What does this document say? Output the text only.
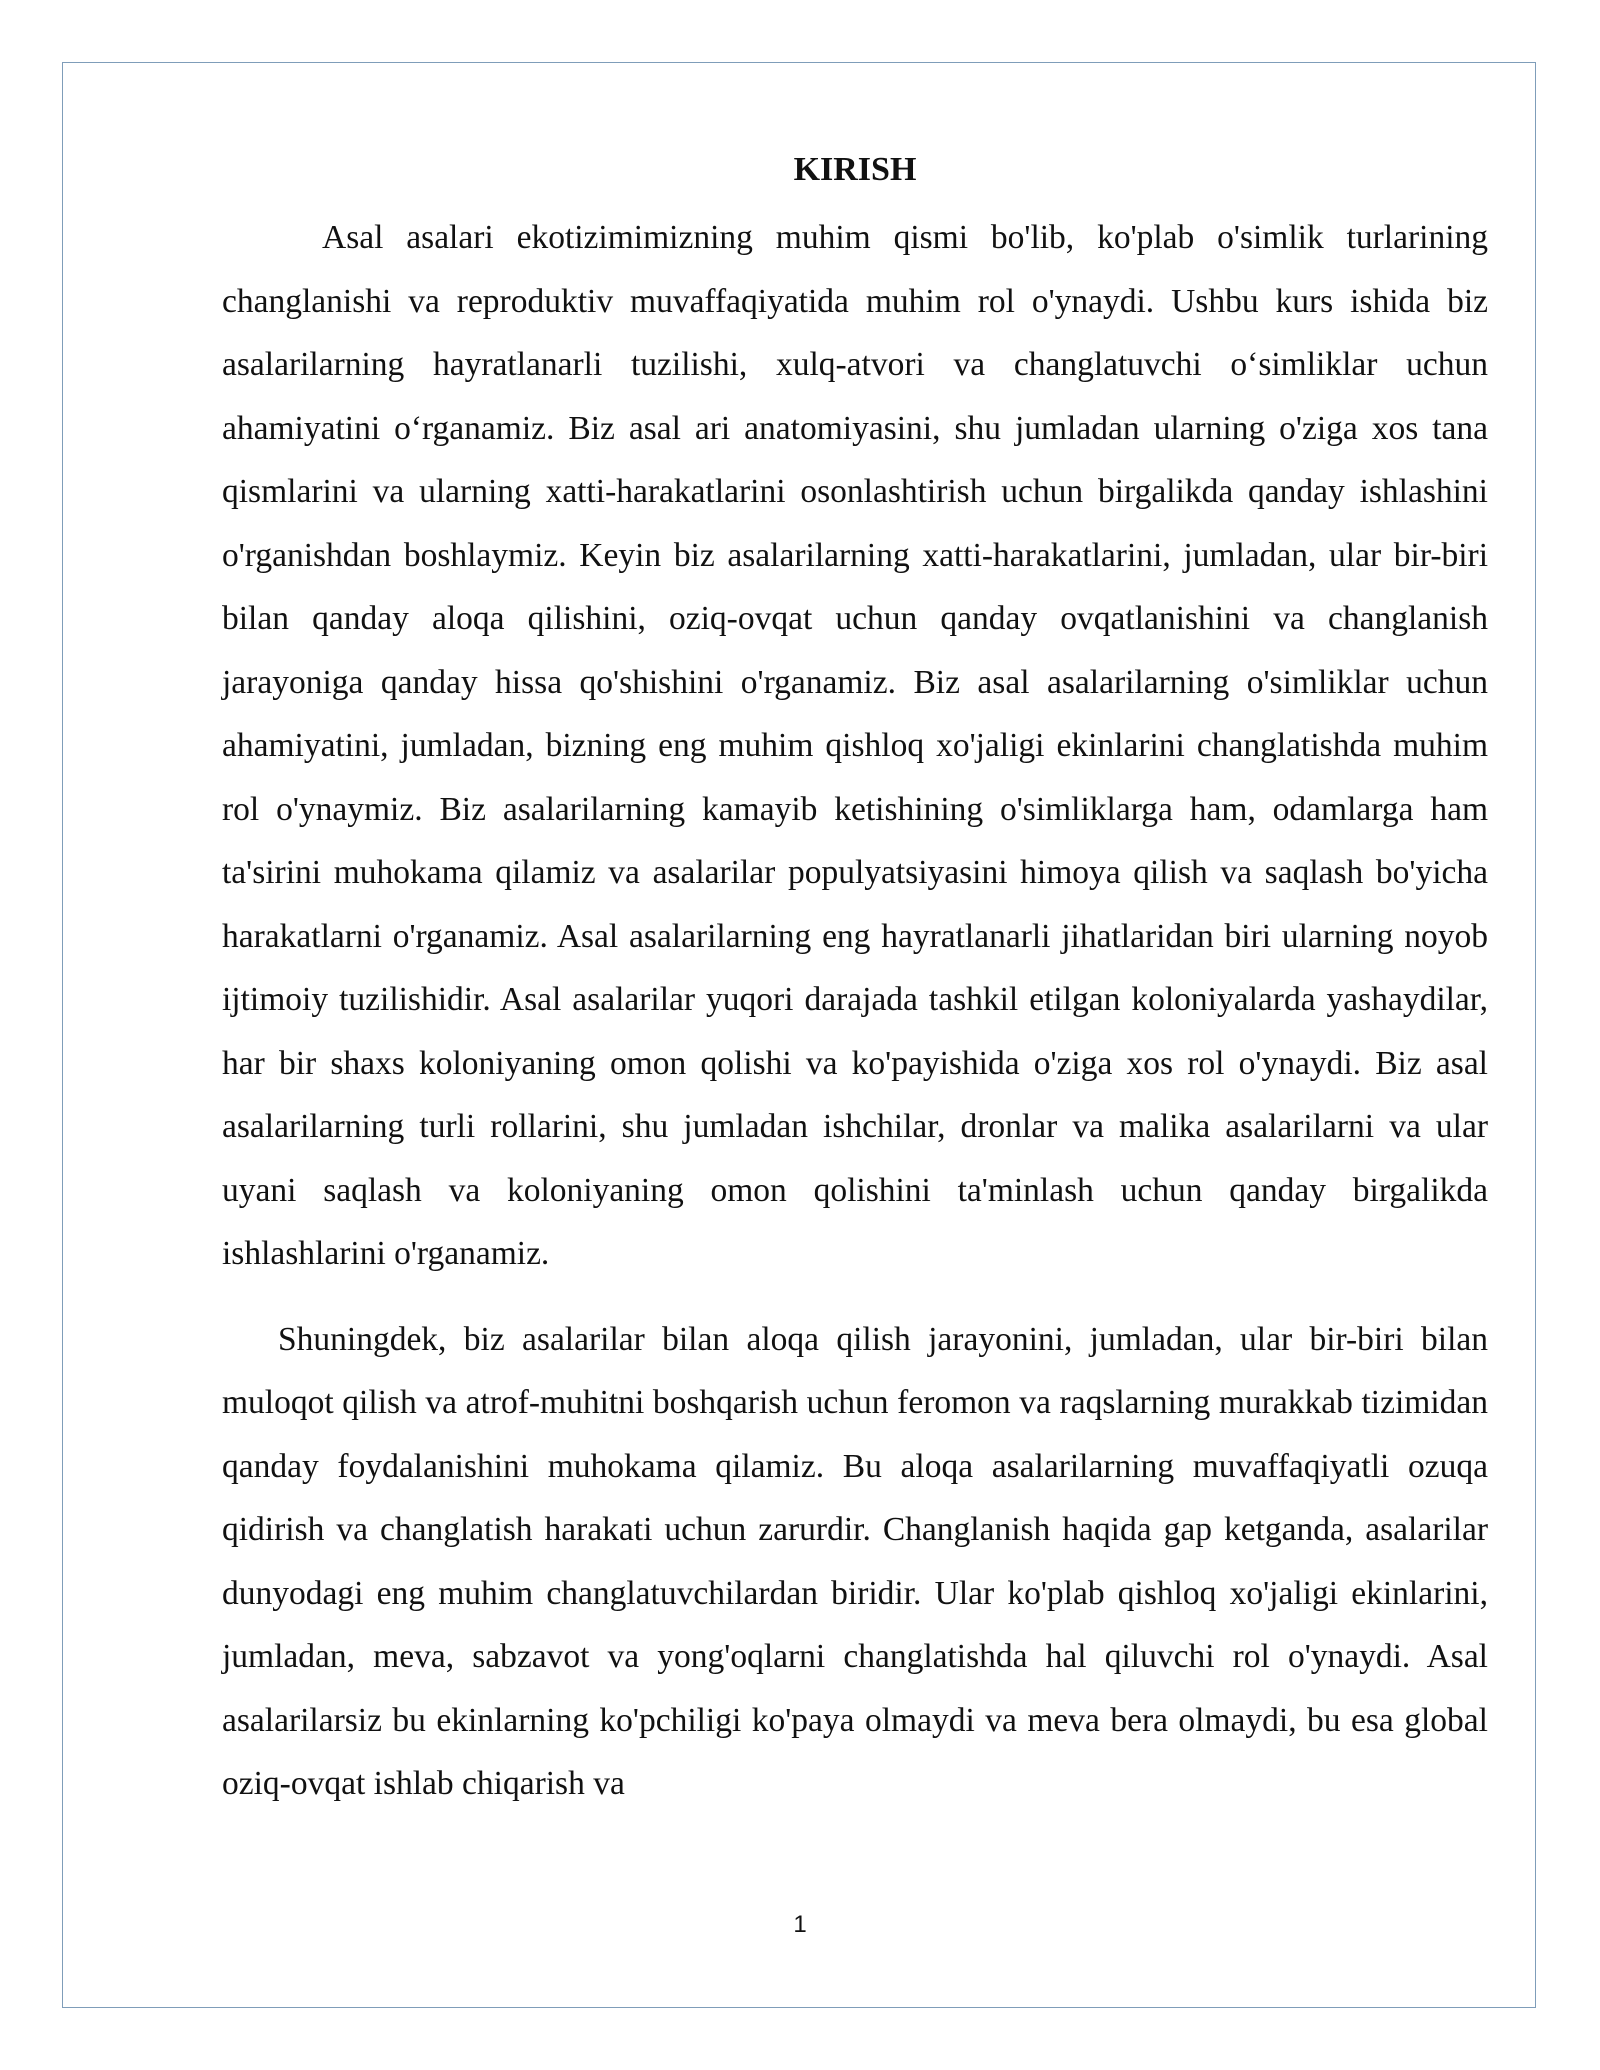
KIRISH

Asal asalari ekotizimimizning muhim qismi bo'lib, ko'plab o'simlik turlarining changlanishi va reproduktiv muvaffaqiyatida muhim rol o'ynaydi. Ushbu kurs ishida biz asalarilarning hayratlanarli tuzilishi, xulq-atvori va changlatuvchi o‘simliklar uchun ahamiyatini o‘rganamiz. Biz asal ari anatomiyasini, shu jumladan ularning o'ziga xos tana qismlarini va ularning xatti-harakatlarini osonlashtirish uchun birgalikda qanday ishlashini o'rganishdan boshlaymiz. Keyin biz asalarilarning xatti-harakatlarini, jumladan, ular bir-biri bilan qanday aloqa qilishini, oziq-ovqat uchun qanday ovqatlanishini va changlanish jarayoniga qanday hissa qo'shishini o'rganamiz. Biz asal asalarilarning o'simliklar uchun ahamiyatini, jumladan, bizning eng muhim qishloq xo'jaligi ekinlarini changlatishda muhim rol o'ynaymiz. Biz asalarilarning kamayib ketishining o'simliklarga ham, odamlarga ham ta'sirini muhokama qilamiz va asalarilar populyatsiyasini himoya qilish va saqlash bo'yicha harakatlarni o'rganamiz. Asal asalarilarning eng hayratlanarli jihatlaridan biri ularning noyob ijtimoiy tuzilishidir. Asal asalarilar yuqori darajada tashkil etilgan koloniyalarda yashaydilar, har bir shaxs koloniyaning omon qolishi va ko'payishida o'ziga xos rol o'ynaydi. Biz asal asalarilarning turli rollarini, shu jumladan ishchilar, dronlar va malika asalarilarni va ular uyani saqlash va koloniyaning omon qolishini ta'minlash uchun qanday birgalikda ishlashlarini o'rganamiz.

Shuningdek, biz asalarilar bilan aloqa qilish jarayonini, jumladan, ular bir-biri bilan muloqot qilish va atrof-muhitni boshqarish uchun feromon va raqslarning murakkab tizimidan qanday foydalanishini muhokama qilamiz. Bu aloqa asalarilarning muvaffaqiyatli ozuqa qidirish va changlatish harakati uchun zarurdir. Changlanish haqida gap ketganda, asalarilar dunyodagi eng muhim changlatuvchilardan biridir. Ular ko'plab qishloq xo'jaligi ekinlarini, jumladan, meva, sabzavot va yong'oqlarni changlatishda hal qiluvchi rol o'ynaydi. Asal asalarilarsiz bu ekinlarning ko'pchiligi ko'paya olmaydi va meva bera olmaydi, bu esa global oziq-ovqat ishlab chiqarish va

1
